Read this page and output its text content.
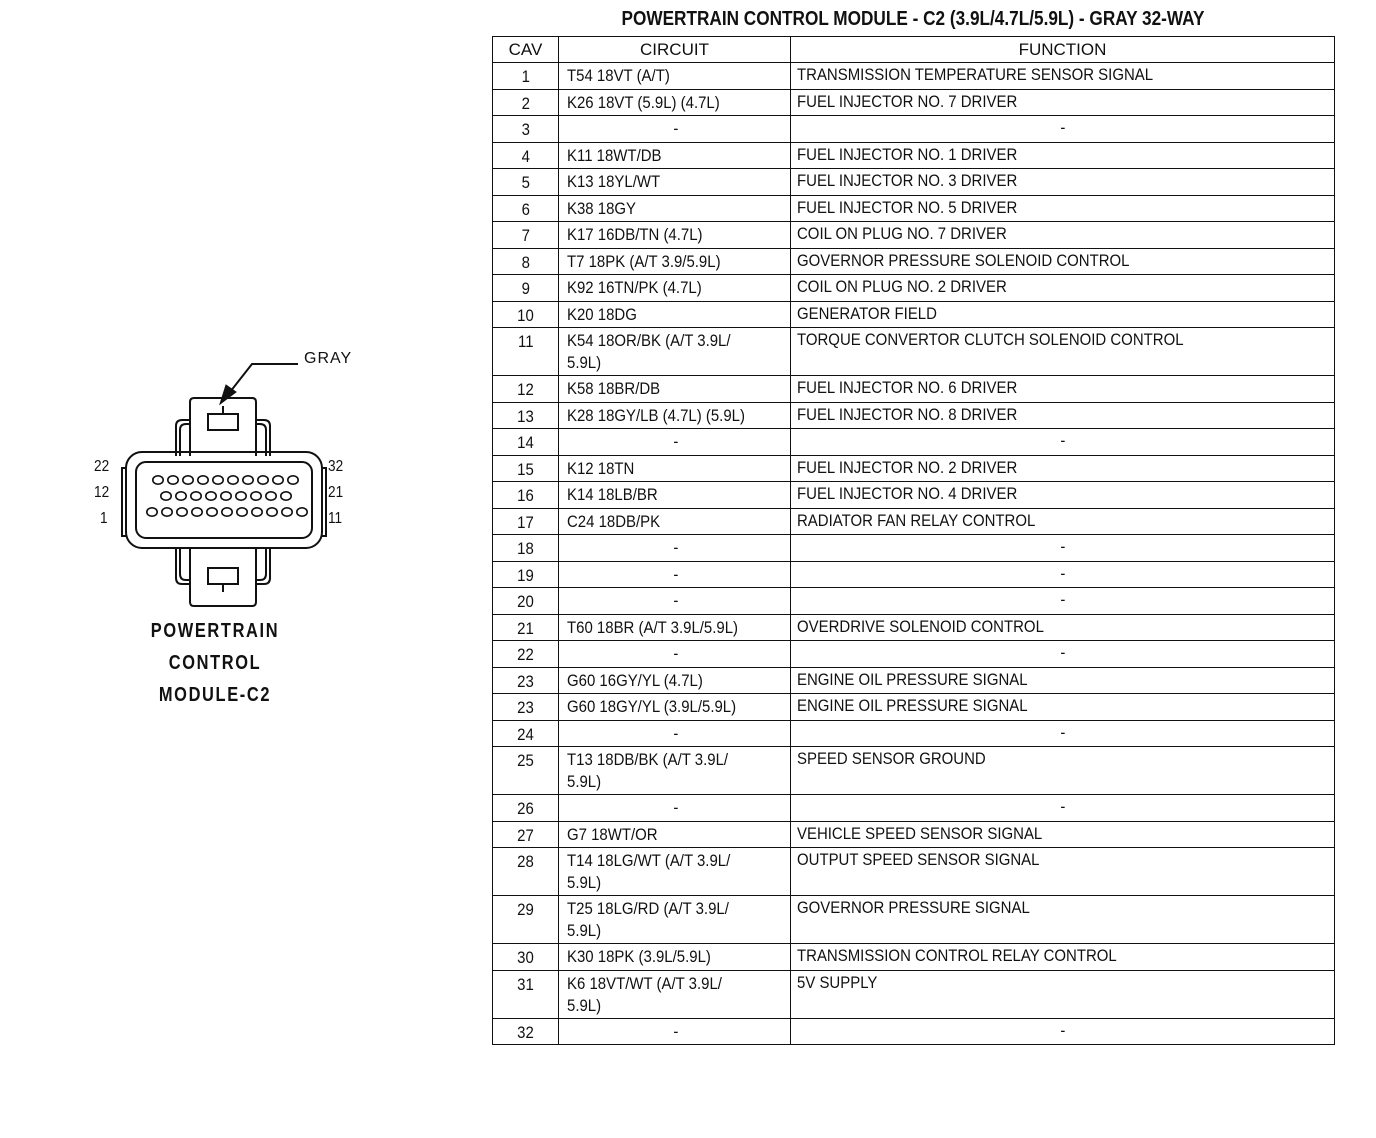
GRAY
22
12
1
32
21
11
POWERTRAIN
CONTROL
MODULE-C2
POWERTRAIN CONTROL MODULE - C2 (3.9L/4.7L/5.9L) - GRAY 32-WAY
CAV	CIRCUIT	FUNCTION
1	T54 18VT (A/T)	TRANSMISSION TEMPERATURE SENSOR SIGNAL
2	K26 18VT (5.9L) (4.7L)	FUEL INJECTOR NO. 7 DRIVER
3	-	-
4	K11 18WT/DB	FUEL INJECTOR NO. 1 DRIVER
5	K13 18YL/WT	FUEL INJECTOR NO. 3 DRIVER
6	K38 18GY	FUEL INJECTOR NO. 5 DRIVER
7	K17 16DB/TN (4.7L)	COIL ON PLUG NO. 7 DRIVER
8	T7 18PK (A/T 3.9/5.9L)	GOVERNOR PRESSURE SOLENOID CONTROL
9	K92 16TN/PK (4.7L)	COIL ON PLUG NO. 2 DRIVER
10	K20 18DG	GENERATOR FIELD
11	K54 18OR/BK (A/T 3.9L/
5.9L)	TORQUE CONVERTOR CLUTCH SOLENOID CONTROL
12	K58 18BR/DB	FUEL INJECTOR NO. 6 DRIVER
13	K28 18GY/LB (4.7L) (5.9L)	FUEL INJECTOR NO. 8 DRIVER
14	-	-
15	K12 18TN	FUEL INJECTOR NO. 2 DRIVER
16	K14 18LB/BR	FUEL INJECTOR NO. 4 DRIVER
17	C24 18DB/PK	RADIATOR FAN RELAY CONTROL
18	-	-
19	-	-
20	-	-
21	T60 18BR (A/T 3.9L/5.9L)	OVERDRIVE SOLENOID CONTROL
22	-	-
23	G60 16GY/YL (4.7L)	ENGINE OIL PRESSURE SIGNAL
23	G60 18GY/YL (3.9L/5.9L)	ENGINE OIL PRESSURE SIGNAL
24	-	-
25	T13 18DB/BK (A/T 3.9L/
5.9L)	SPEED SENSOR GROUND
26	-	-
27	G7 18WT/OR	VEHICLE SPEED SENSOR SIGNAL
28	T14 18LG/WT (A/T 3.9L/
5.9L)	OUTPUT SPEED SENSOR SIGNAL
29	T25 18LG/RD (A/T 3.9L/
5.9L)	GOVERNOR PRESSURE SIGNAL
30	K30 18PK (3.9L/5.9L)	TRANSMISSION CONTROL RELAY CONTROL
31	K6 18VT/WT (A/T 3.9L/
5.9L)	5V SUPPLY
32	-	-
